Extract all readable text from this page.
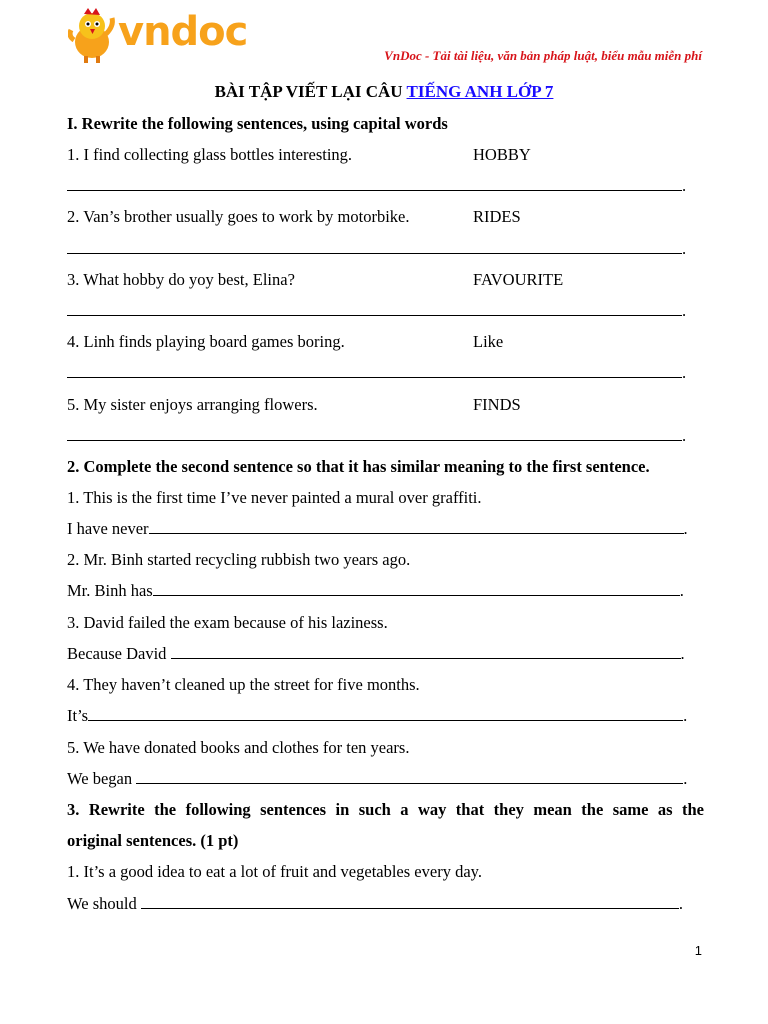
vndoc
VnDoc - Tải tài liệu, văn bản pháp luật, biểu mẫu miễn phí
BÀI TẬP VIẾT LẠI CÂU TIẾNG ANH LỚP 7
I. Rewrite the following sentences, using capital words
1. I find collecting glass bottles interesting.	HOBBY
.
2. Van’s brother usually goes to work by motorbike.	RIDES
.
3. What hobby do yoy best, Elina?	FAVOURITE
.
4. Linh finds playing board games boring.	Like
.
5. My sister enjoys arranging flowers.	FINDS
.
2. Complete the second sentence so that it has similar meaning to the first sentence.
1. This is the first time I’ve never painted a mural over graffiti.
I have never	.
2. Mr. Binh started recycling rubbish two years ago.
Mr. Binh has	.
3. David failed the exam because of his laziness.
Because David	.
4. They haven’t cleaned up the street for five months.
It’s	.
5. We have donated books and clothes for ten years.
We began	.
3. Rewrite the following sentences in such a way that they mean the same as the
original sentences. (1 pt)
1. It’s a good idea to eat a lot of fruit and vegetables every day.
We should	.
1
